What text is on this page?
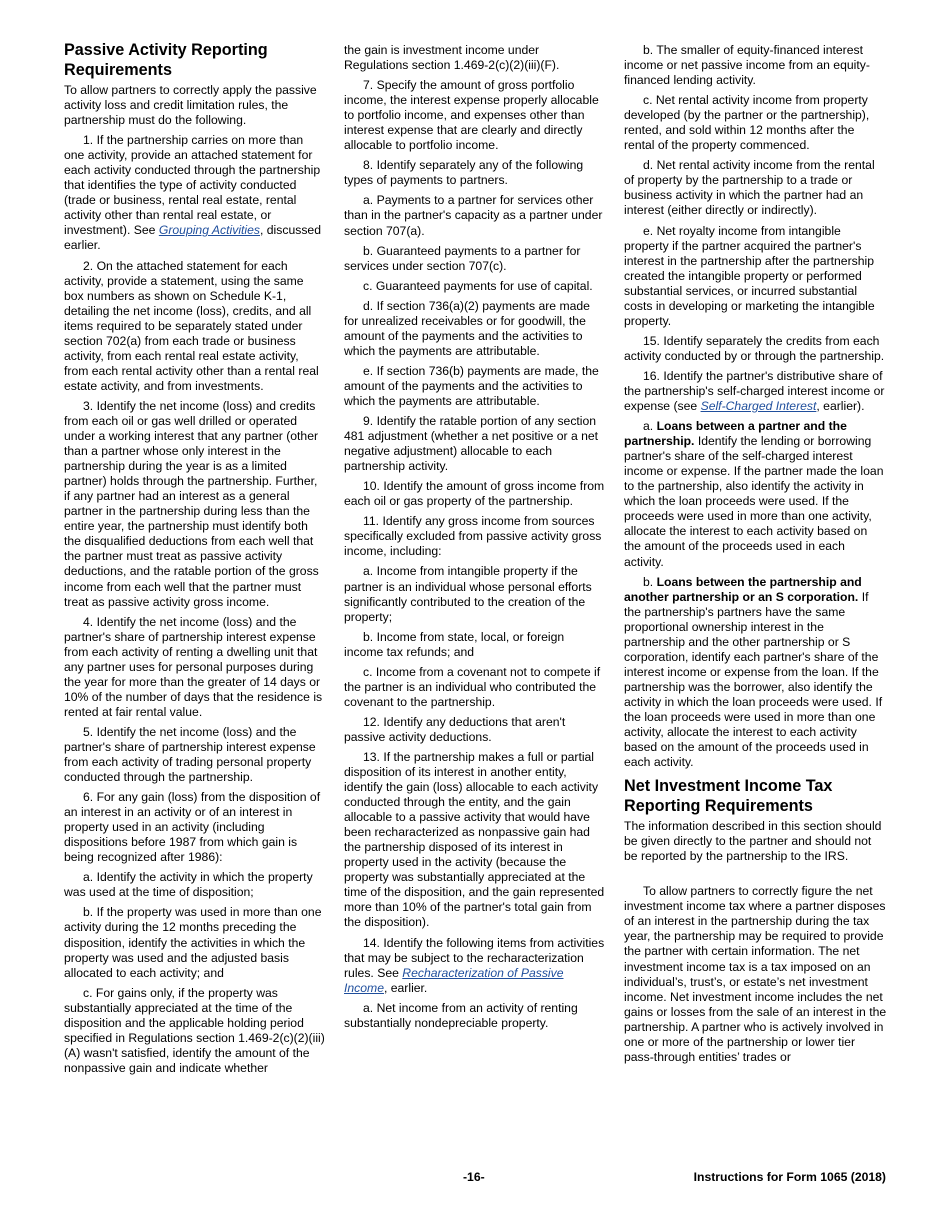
Passive Activity Reporting Requirements

To allow partners to correctly apply the passive activity loss and credit limitation rules, the partnership must do the following.

1. If the partnership carries on more than one activity, provide an attached statement for each activity conducted through the partnership that identifies the type of activity conducted (trade or business, rental real estate, rental activity other than rental real estate, or investment). See Grouping Activities, discussed earlier.

2. On the attached statement for each activity, provide a statement, using the same box numbers as shown on Schedule K-1, detailing the net income (loss), credits, and all items required to be separately stated under section 702(a) from each trade or business activity, from each rental real estate activity, from each rental activity other than a rental real estate activity, and from investments.

3. Identify the net income (loss) and credits from each oil or gas well drilled or operated under a working interest that any partner (other than a partner whose only interest in the partnership during the year is as a limited partner) holds through the partnership. Further, if any partner had an interest as a general partner in the partnership during less than the entire year, the partnership must identify both the disqualified deductions from each well that the partner must treat as passive activity deductions, and the ratable portion of the gross income from each well that the partner must treat as passive activity gross income.

4. Identify the net income (loss) and the partner's share of partnership interest expense from each activity of renting a dwelling unit that any partner uses for personal purposes during the year for more than the greater of 14 days or 10% of the number of days that the residence is rented at fair rental value.

5. Identify the net income (loss) and the partner's share of partnership interest expense from each activity of trading personal property conducted through the partnership.

6. For any gain (loss) from the disposition of an interest in an activity or of an interest in property used in an activity (including dispositions before 1987 from which gain is being recognized after 1986):

a. Identify the activity in which the property was used at the time of disposition;

b. If the property was used in more than one activity during the 12 months preceding the disposition, identify the activities in which the property was used and the adjusted basis allocated to each activity; and

c. For gains only, if the property was substantially appreciated at the time of the disposition and the applicable holding period specified in Regulations section 1.469-2(c)(2)(iii)(A) wasn't satisfied, identify the amount of the nonpassive gain and indicate whether

the gain is investment income under Regulations section 1.469-2(c)(2)(iii)(F).

7. Specify the amount of gross portfolio income, the interest expense properly allocable to portfolio income, and expenses other than interest expense that are clearly and directly allocable to portfolio income.

8. Identify separately any of the following types of payments to partners.

a. Payments to a partner for services other than in the partner's capacity as a partner under section 707(a).

b. Guaranteed payments to a partner for services under section 707(c).

c. Guaranteed payments for use of capital.

d. If section 736(a)(2) payments are made for unrealized receivables or for goodwill, the amount of the payments and the activities to which the payments are attributable.

e. If section 736(b) payments are made, the amount of the payments and the activities to which the payments are attributable.

9. Identify the ratable portion of any section 481 adjustment (whether a net positive or a net negative adjustment) allocable to each partnership activity.

10. Identify the amount of gross income from each oil or gas property of the partnership.

11. Identify any gross income from sources specifically excluded from passive activity gross income, including:

a. Income from intangible property if the partner is an individual whose personal efforts significantly contributed to the creation of the property;

b. Income from state, local, or foreign income tax refunds; and

c. Income from a covenant not to compete if the partner is an individual who contributed the covenant to the partnership.

12. Identify any deductions that aren't passive activity deductions.

13. If the partnership makes a full or partial disposition of its interest in another entity, identify the gain (loss) allocable to each activity conducted through the entity, and the gain allocable to a passive activity that would have been recharacterized as nonpassive gain had the partnership disposed of its interest in property used in the activity (because the property was substantially appreciated at the time of the disposition, and the gain represented more than 10% of the partner's total gain from the disposition).

14. Identify the following items from activities that may be subject to the recharacterization rules. See Recharacterization of Passive Income, earlier.

a. Net income from an activity of renting substantially nondepreciable property.

b. The smaller of equity-financed interest income or net passive income from an equity-financed lending activity.

c. Net rental activity income from property developed (by the partner or the partnership), rented, and sold within 12 months after the rental of the property commenced.

d. Net rental activity income from the rental of property by the partnership to a trade or business activity in which the partner had an interest (either directly or indirectly).

e. Net royalty income from intangible property if the partner acquired the partner's interest in the partnership after the partnership created the intangible property or performed substantial services, or incurred substantial costs in developing or marketing the intangible property.

15. Identify separately the credits from each activity conducted by or through the partnership.

16. Identify the partner's distributive share of the partnership's self-charged interest income or expense (see Self-Charged Interest, earlier).

a. Loans between a partner and the partnership. Identify the lending or borrowing partner's share of the self-charged interest income or expense. If the partner made the loan to the partnership, also identify the activity in which the loan proceeds were used. If the proceeds were used in more than one activity, allocate the interest to each activity based on the amount of the proceeds used in each activity.

b. Loans between the partnership and another partnership or an S corporation. If the partnership's partners have the same proportional ownership interest in the partnership and the other partnership or S corporation, identify each partner's share of the interest income or expense from the loan. If the partnership was the borrower, also identify the activity in which the loan proceeds were used. If the loan proceeds were used in more than one activity, allocate the interest to each activity based on the amount of the proceeds used in each activity.

Net Investment Income Tax Reporting Requirements

The information described in this section should be given directly to the partner and should not be reported by the partnership to the IRS.

To allow partners to correctly figure the net investment income tax where a partner disposes of an interest in the partnership during the tax year, the partnership may be required to provide the partner with certain information. The net investment income tax is a tax imposed on an individual’s, trust’s, or estate’s net investment income. Net investment income includes the net gains or losses from the sale of an interest in the partnership. A partner who is actively involved in one or more of the partnership or lower tier pass-through entities’ trades or

-16-	Instructions for Form 1065 (2018)
